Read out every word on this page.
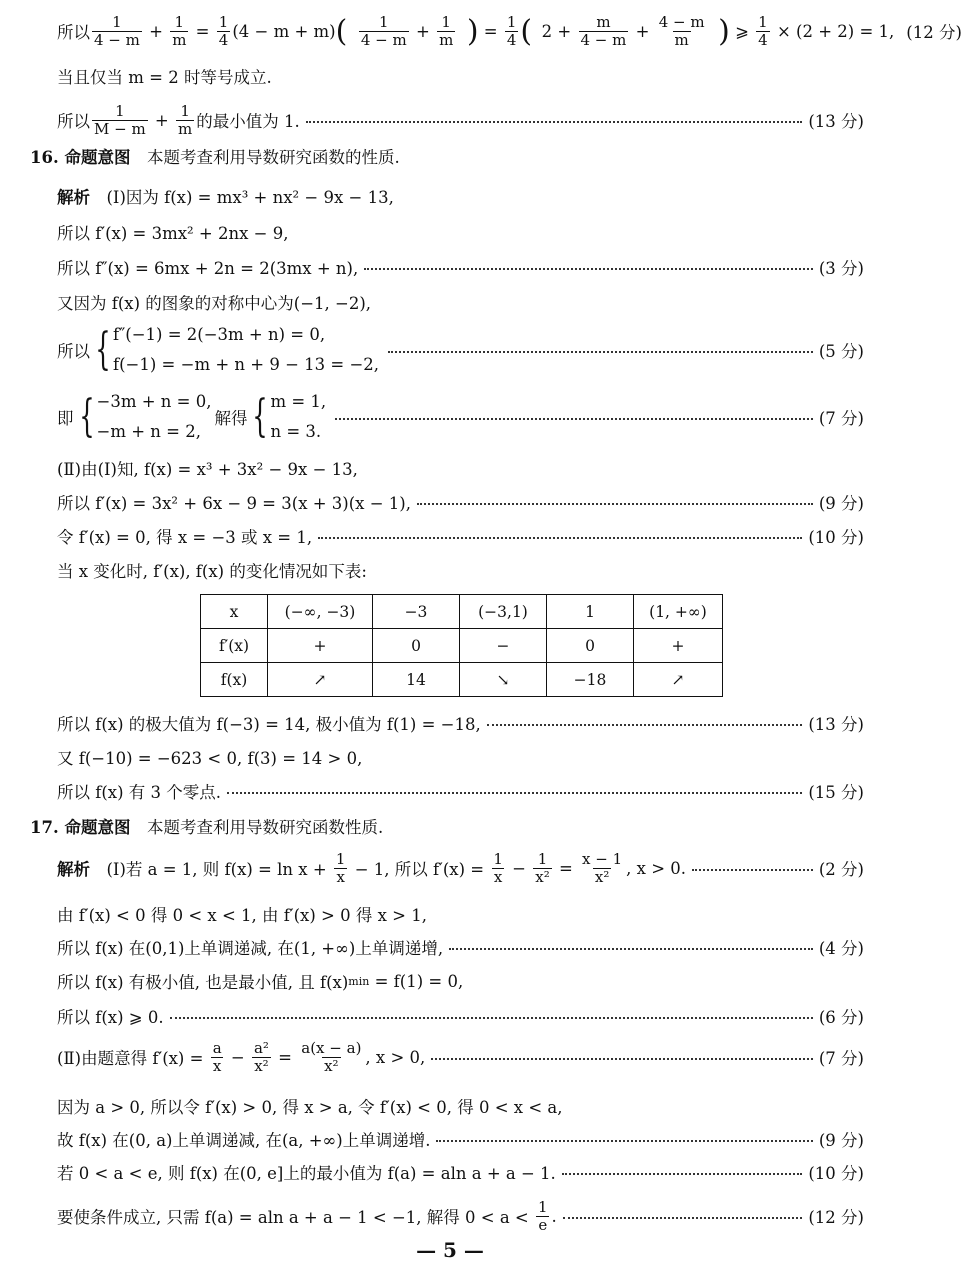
所以 $\frac{1}{4 - m} + \frac{1}{m} = \frac{1}{4} (4 - m + m)$ ( $\frac{1}{4 - m} + \frac{1}{m}$ ) = $\frac{1}{4}$ ( $2 + \frac{m}{4 - m} + \frac{4 - m}{m}$ ) ⩾ $\frac{1}{4} \times (2 + 2) = 1$, (12 分)
当且仅当 m = 2 时等号成立.
所以 $\frac{1}{M - m} + \frac{1}{m}$ 的最小值为 1.	(13 分)
16. 命题意图 　本题考查利用导数研究函数的性质.
解析 　(Ⅰ)因为 f(x) = mx³ + nx² − 9x − 13,
所以 f′(x) = 3mx² + 2nx − 9,
所以 f″(x) = 6mx + 2n = 2(3mx + n),	(3 分)
又因为 f(x) 的图象的对称中心为(−1, −2),
所以 { f″(−1) = 2(−3m + n) = 0,
f(−1) = −m + n + 9 − 13 = −2,
(5 分)
即 { −3m + n = 0,
−m + n = 2,
解得 { m = 1,
n = 3.
(7 分)
(Ⅱ)由(Ⅰ)知, f(x) = x³ + 3x² − 9x − 13,
所以 f′(x) = 3x² + 6x − 9 = 3(x + 3)(x − 1),	(9 分)
令 f′(x) = 0, 得 x = −3 或 x = 1,	(10 分)
当 x 变化时, f′(x), f(x) 的变化情况如下表:
所以 f(x) 的极大值为 f(−3) = 14, 极小值为 f(1) = −18,	(13 分)
又 f(−10) = −623 < 0, f(3) = 14 > 0,
所以 f(x) 有 3 个零点.	(15 分)
17. 命题意图 　本题考查利用导数研究函数性质.
解析 　(Ⅰ)若 a = 1, 则 $f(x) = \ln x + \frac{1}{x} - 1$, 所以 $f'(x) = \frac{1}{x} - \frac{1}{\text{x²}} = \frac{x - 1}{\text{x²}}$ , x > 0.	(2 分)
由 f′(x) < 0 得 0 < x < 1, 由 f′(x) > 0 得 x > 1,
所以 f(x) 在(0,1)上单调递减, 在(1, +∞)上单调递增,	(4 分)
所以 f(x) 有极小值, 也是最小值, 且 f(x) min = f(1) = 0,
所以 f(x) ⩾ 0.	(6 分)
(Ⅱ)由题意得 $f'(x) = \frac{a}{x} - \frac{\text{a²}}{\text{x²}} = \frac{a(x - a)}{\text{x²}}$ , x > 0,	(7 分)
因为 a > 0, 所以令 f′(x) > 0, 得 x > a, 令 f′(x) < 0, 得 0 < x < a,
故 f(x) 在(0, a)上单调递减, 在(a, +∞)上单调递增.	(9 分)
若 0 < a < e, 则 f(x) 在(0, e]上的最小值为 f(a) = aln a + a − 1.	(10 分)
要使条件成立, 只需 f(a) = aln a + a − 1 < −1, 解得 $0 < a < \frac{1}{e}$ .	(12 分)
x	(−∞, −3)	−3	(−3,1)	1	(1, +∞)
f′(x)	+	0	−	0	+
f(x)	↗	14	↘	−18	↗
— 5 —
